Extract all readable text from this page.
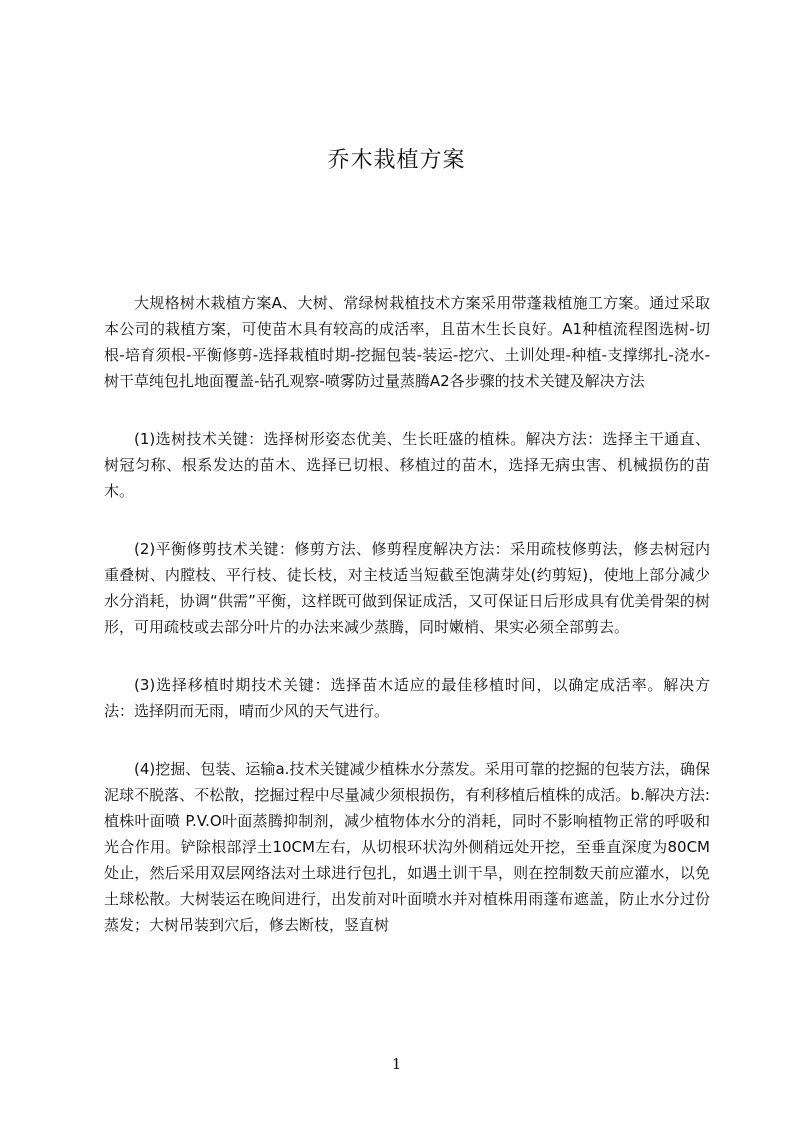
乔木栽植方案

大规格树木栽植方案A、大树、常绿树栽植技术方案采用带蓬栽植施工方案。通过采取本公司的栽植方案，可使苗木具有较高的成活率，且苗木生长良好。A1种植流程图选树-切根-培育须根-平衡修剪-选择栽植时期-挖掘包装-装运-挖穴、土训处理-种植-支撑绑扎-浇水-树干草纯包扎地面覆盖-钻孔观察-喷雾防过量蒸腾A2各步骤的技术关键及解决方法

(1)选树技术关键：选择树形姿态优美、生长旺盛的植株。解决方法：选择主干通直、树冠匀称、根系发达的苗木、选择已切根、移植过的苗木，选择无病虫害、机械损伤的苗木。

(2)平衡修剪技术关键：修剪方法、修剪程度解决方法：采用疏枝修剪法，修去树冠内重叠树、内膛枝、平行枝、徒长枝，对主枝适当短截至饱满芽处(约剪短)，使地上部分减少水分消耗，协调“供需”平衡，这样既可做到保证成活，又可保证日后形成具有优美骨架的树形，可用疏枝或去部分叶片的办法来减少蒸腾，同时嫩梢、果实必须全部剪去。

(3)选择移植时期技术关键：选择苗木适应的最佳移植时间，以确定成活率。解决方法：选择阴而无雨，晴而少风的天气进行。

(4)挖掘、包装、运输a.技术关键减少植株水分蒸发。采用可靠的挖掘的包装方法，确保泥球不脱落、不松散，挖掘过程中尽量减少须根损伤，有利移植后植株的成活。b.解决方法:植株叶面喷 P.V.O叶面蒸腾抑制剂，减少植物体水分的消耗，同时不影响植物正常的呼吸和光合作用。铲除根部浮土10CM左右，从切根环状沟外侧稍远处开挖，至垂直深度为80CM处止，然后采用双层网络法对土球进行包扎，如遇土训干旱，则在控制数天前应灌水，以免土球松散。大树装运在晚间进行，出发前对叶面喷水并对植株用雨蓬布遮盖，防止水分过份蒸发；大树吊装到穴后，修去断枝，竖直树

1
